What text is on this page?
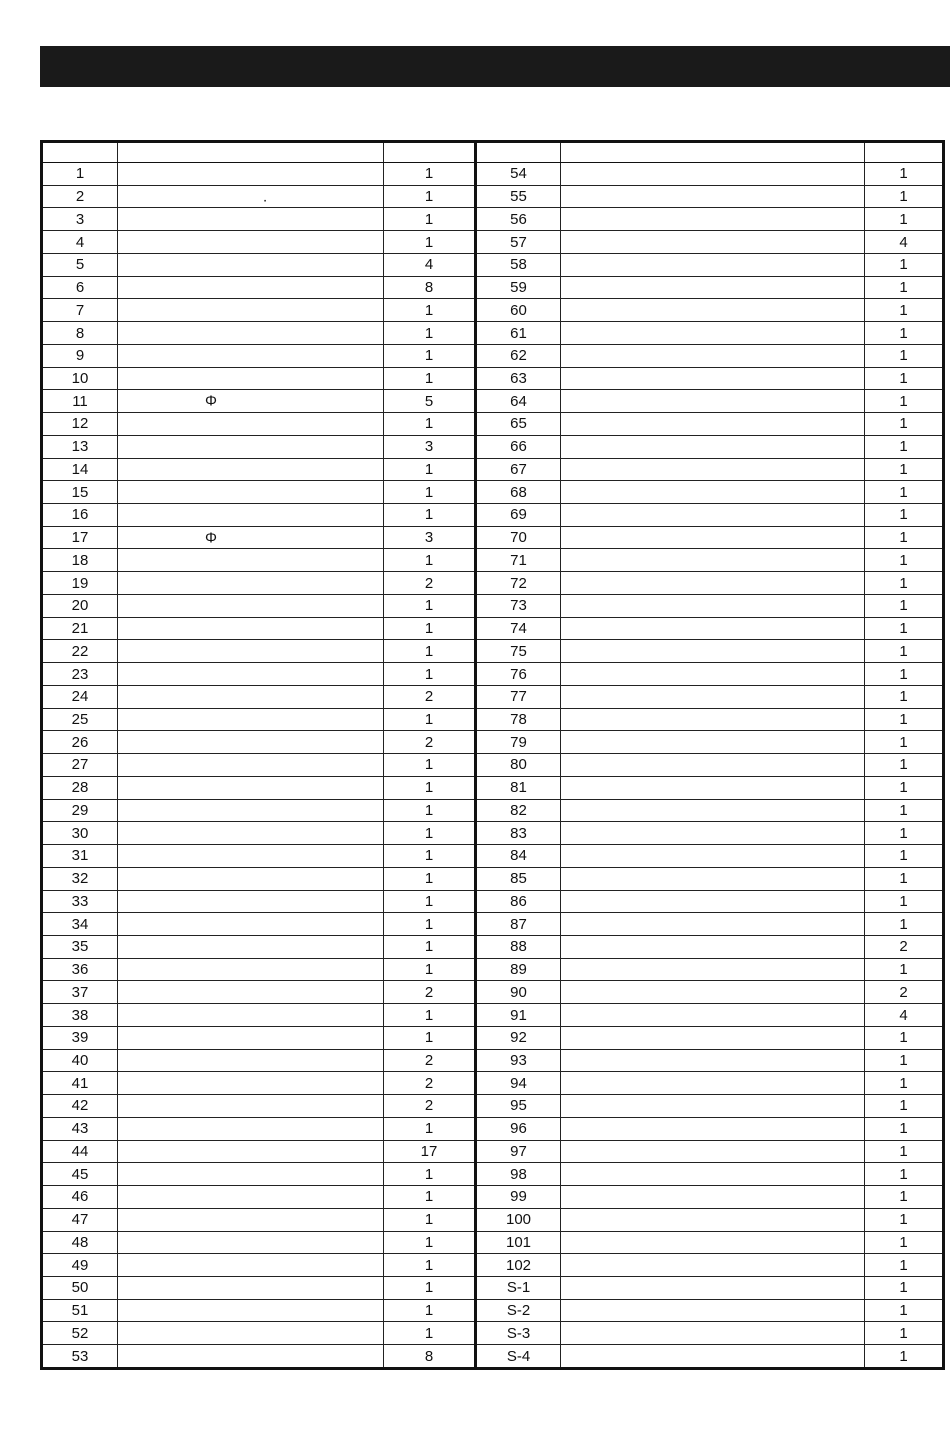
1	1
2	.	1
3	1
4	1
5	4
6	8
7	1
8	1
9	1
10	1
11	Φ	5
12	1
13	3
14	1
15	1
16	1
17	Φ	3
18	1
19	2
20	1
21	1
22	1
23	1
24	2
25	1
26	2
27	1
28	1
29	1
30	1
31	1
32	1
33	1
34	1
35	1
36	1
37	2
38	1
39	1
40	2
41	2
42	2
43	1
44	17
45	1
46	1
47	1
48	1
49	1
50	1
51	1
52	1
53	8
54	1
55	1
56	1
57	4
58	1
59	1
60	1
61	1
62	1
63	1
64	1
65	1
66	1
67	1
68	1
69	1
70	1
71	1
72	1
73	1
74	1
75	1
76	1
77	1
78	1
79	1
80	1
81	1
82	1
83	1
84	1
85	1
86	1
87	1
88	2
89	1
90	2
91	4
92	1
93	1
94	1
95	1
96	1
97	1
98	1
99	1
100	1
101	1
102	1
S-1	1
S-2	1
S-3	1
S-4	1
